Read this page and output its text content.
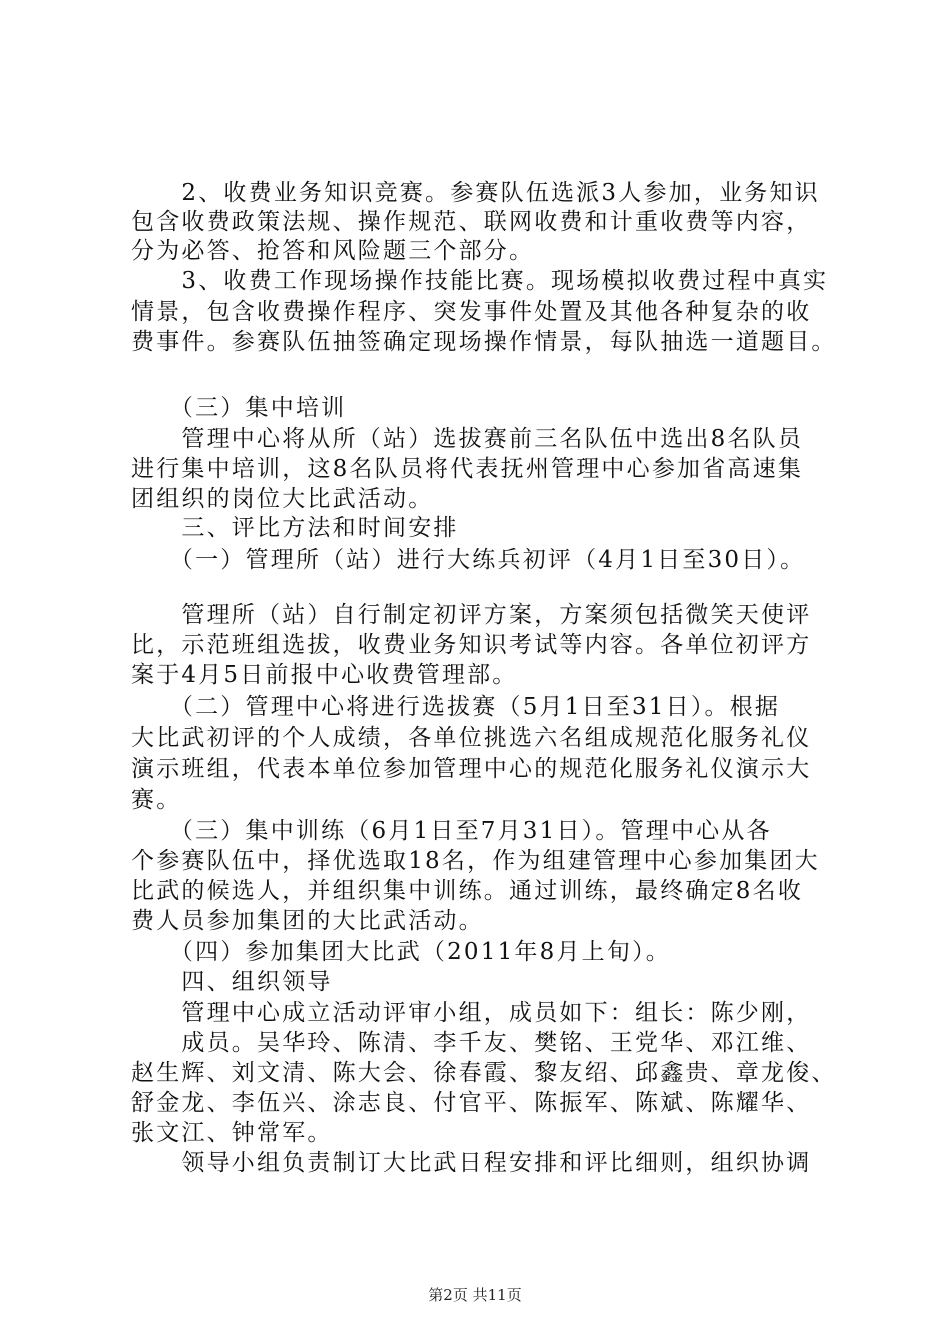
　　2、收费业务知识竞赛。参赛队伍选派3人参加，业务知识
包含收费政策法规、操作规范、联网收费和计重收费等内容，
分为必答、抢答和风险题三个部分。
　　3、收费工作现场操作技能比赛。现场模拟收费过程中真实
情景，包含收费操作程序、突发事件处置及其他各种复杂的收
费事件。参赛队伍抽签确定现场操作情景，每队抽选一道题目。
　　（三）集中培训
　　管理中心将从所（站）选拔赛前三名队伍中选出8名队员
进行集中培训，这8名队员将代表抚州管理中心参加省高速集
团组织的岗位大比武活动。
　　三、评比方法和时间安排
　　（一）管理所（站）进行大练兵初评（4月1日至30日）。
　　管理所（站）自行制定初评方案，方案须包括微笑天使评
比，示范班组选拔，收费业务知识考试等内容。各单位初评方
案于4月5日前报中心收费管理部。
　　（二）管理中心将进行选拔赛（5月1日至31日）。根据
大比武初评的个人成绩，各单位挑选六名组成规范化服务礼仪
演示班组，代表本单位参加管理中心的规范化服务礼仪演示大
赛。
　　（三）集中训练（6月1日至7月31日）。管理中心从各
个参赛队伍中，择优选取18名，作为组建管理中心参加集团大
比武的候选人，并组织集中训练。通过训练，最终确定8名收
费人员参加集团的大比武活动。
　　（四）参加集团大比武（2011年8月上旬）。
　　四、组织领导
　　管理中心成立活动评审小组，成员如下：组长：陈少刚，
　　成员。吴华玲、陈清、李千友、樊铭、王党华、邓江维、
赵生辉、刘文清、陈大会、徐春霞、黎友绍、邱鑫贵、章龙俊、
舒金龙、李伍兴、涂志良、付官平、陈振军、陈斌、陈耀华、
张文江、钟常军。
　　领导小组负责制订大比武日程安排和评比细则，组织协调
第2页 共11页
